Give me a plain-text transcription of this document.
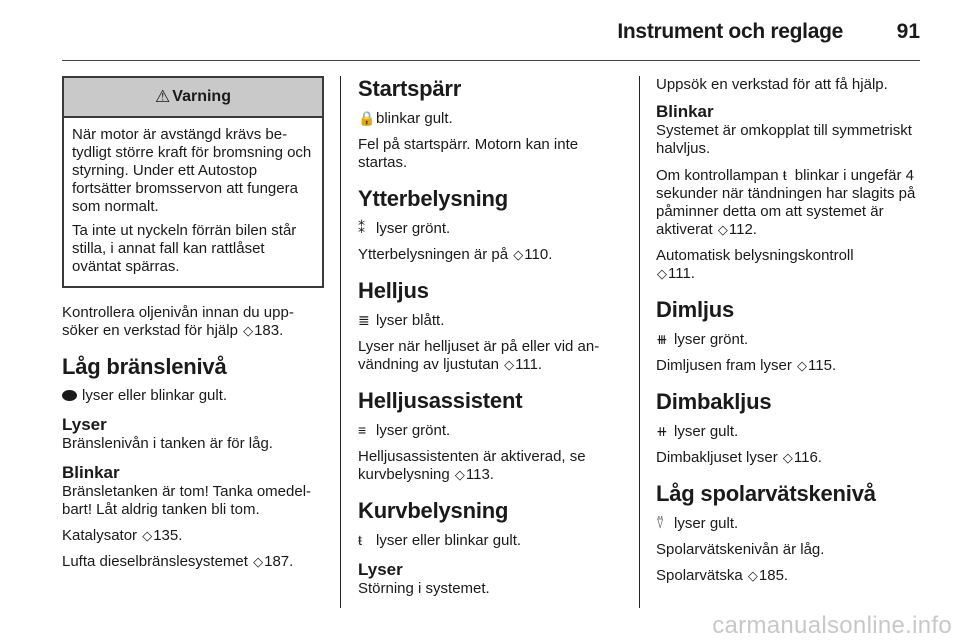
Instrument och reglage	91
⚠ Varning

När motor är avstängd krävs betydligt större kraft för bromsning och styrning. Under ett Autostop fortsätter bromsservon att fungera som normalt.

Ta inte ut nyckeln förrän bilen står stilla, i annat fall kan rattlåset oväntat spärras.

Kontrollera oljenivån innan du uppsöker en verkstad för hjälp ◇183.

Låg bränslenivå

lyser eller blinkar gult.

Lyser

Bränslenivån i tanken är för låg.

Blinkar

Bränsletanken är tom! Tanka omedelbart! Låt aldrig tanken bli tom.

Katalysator ◇135.

Lufta dieselbränslesystemet ◇187.

Startspärr

🔒blinkar gult.

Fel på startspärr. Motorn kan inte startas.

Ytterbelysning

⁑ lyser grönt.

Ytterbelysningen är på ◇110.

Helljus

≣ lyser blått.

Lyser när helljuset är på eller vid användning av ljustutan ◇111.

Helljusassistent

≡ lyser grönt.

Helljusassistenten är aktiverad, se kurvbelysning ◇113.

Kurvbelysning

ŧ lyser eller blinkar gult.

Lyser

Störning i systemet.

Uppsök en verkstad för att få hjälp.

Blinkar

Systemet är omkopplat till symmetriskt halvljus.

Om kontrollampan ŧ blinkar i ungefär 4 sekunder när tändningen har slagits på påminner detta om att systemet är aktiverat ◇112.

Automatisk belysningskontroll
◇111.

Dimljus

⧻ lyser grönt.

Dimljusen fram lyser ◇115.

Dimbakljus

⧺ lyser gult.

Dimbakljuset lyser ◇116.

Låg spolarvätskenivå

⍢ lyser gult.

Spolarvätskenivån är låg.

Spolarvätska ◇185.

carmanualsonline.info
